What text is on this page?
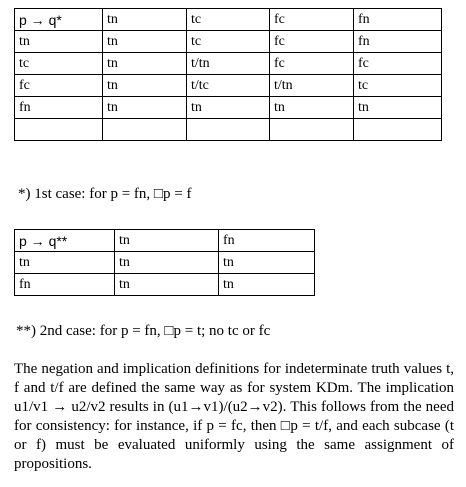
p → q*	tn	tc	fc	fn
tn	tn	tc	fc	fn
tc	tn	t/tn	fc	fc
fc	tn	t/tc	t/tn	tc
fn	tn	tn	tn	tn

*) 1st case: for p = fn, □p = f
p → q**	tn	fn
tn	tn	tn
fn	tn	tn
**) 2nd case: for p = fn, □p = t; no tc or fc

The negation and implication definitions for indeterminate truth values t, f and t/f are defined the same way as for system KDm. The implication u1/v1 → u2/v2 results in (u1→v1)/(u2→v2). This follows from the need for consistency: for instance, if p = fc, then □p = t/f, and each subcase (t or f) must be evaluated uniformly using the same assignment of propositions.
